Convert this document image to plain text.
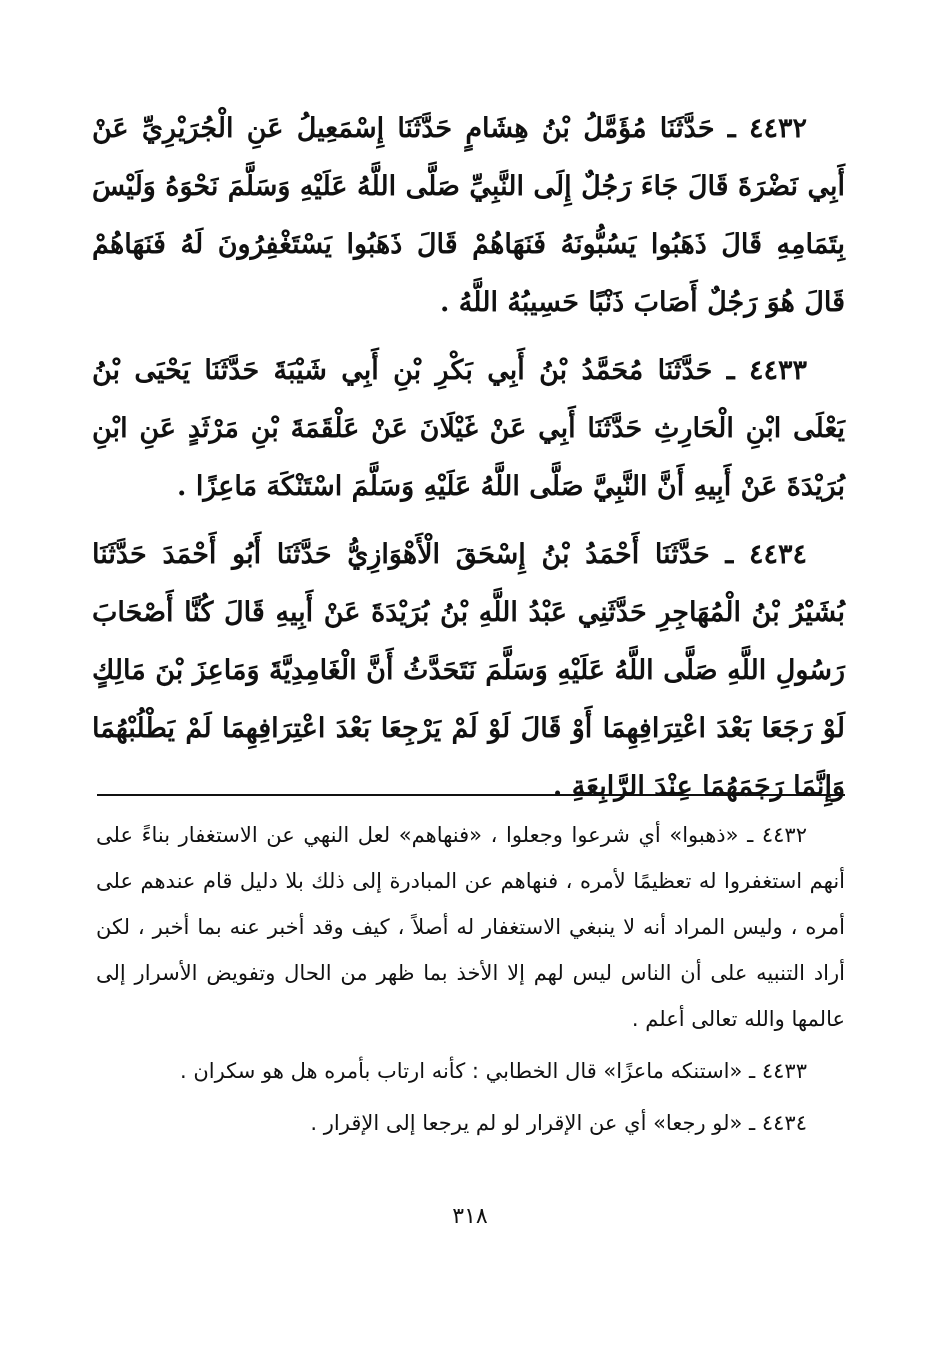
٤٤٣٢ ـ حَدَّثَنَا مُؤَمَّلُ بْنُ هِشَامٍ حَدَّثَنَا إِسْمَعِيلُ عَنِ الْجُرَيْرِيِّ عَنْ أَبِي نَضْرَةَ قَالَ جَاءَ رَجُلٌ إِلَى النَّبِيِّ صَلَّى اللَّهُ عَلَيْهِ وَسَلَّمَ نَحْوَهُ وَلَيْسَ بِتَمَامِهِ قَالَ ذَهَبُوا يَسُبُّونَهُ فَنَهَاهُمْ قَالَ ذَهَبُوا يَسْتَغْفِرُونَ لَهُ فَنَهَاهُمْ قَالَ هُوَ رَجُلٌ أَصَابَ ذَنْبًا حَسِيبُهُ اللَّهُ .

٤٤٣٣ ـ حَدَّثَنَا مُحَمَّدُ بْنُ أَبِي بَكْرِ بْنِ أَبِي شَيْبَةَ حَدَّثَنَا يَحْيَى بْنُ يَعْلَى ابْنِ الْحَارِثِ حَدَّثَنَا أَبِي عَنْ غَيْلَانَ عَنْ عَلْقَمَةَ بْنِ مَرْثَدٍ عَنِ ابْنِ بُرَيْدَةَ عَنْ أَبِيهِ أَنَّ النَّبِيَّ صَلَّى اللَّهُ عَلَيْهِ وَسَلَّمَ اسْتَنْكَهَ مَاعِزًا .

٤٤٣٤ ـ حَدَّثَنَا أَحْمَدُ بْنُ إِسْحَقَ الْأَهْوَازِيُّ حَدَّثَنَا أَبُو أَحْمَدَ حَدَّثَنَا بُشَيْرُ بْنُ الْمُهَاجِرِ حَدَّثَنِي عَبْدُ اللَّهِ بْنُ بُرَيْدَةَ عَنْ أَبِيهِ قَالَ كُنَّا أَصْحَابَ رَسُولِ اللَّهِ صَلَّى اللَّهُ عَلَيْهِ وَسَلَّمَ نَتَحَدَّثُ أَنَّ الْغَامِدِيَّةَ وَمَاعِزَ بْنَ مَالِكٍ لَوْ رَجَعَا بَعْدَ اعْتِرَافِهِمَا أَوْ قَالَ لَوْ لَمْ يَرْجِعَا بَعْدَ اعْتِرَافِهِمَا لَمْ يَطْلُبْهُمَا وَإِنَّمَا رَجَمَهُمَا عِنْدَ الرَّابِعَةِ .

٤٤٣٢ ـ «ذهبوا» أي شرعوا وجعلوا ، «فنهاهم» لعل النهي عن الاستغفار بناءً على أنهم استغفروا له تعظيمًا لأمره ، فنهاهم عن المبادرة إلى ذلك بلا دليل قام عندهم على أمره ، وليس المراد أنه لا ينبغي الاستغفار له أصلاً ، كيف وقد أخبر عنه بما أخبر ، لكن أراد التنبيه على أن الناس ليس لهم إلا الأخذ بما ظهر من الحال وتفويض الأسرار إلى عالمها والله تعالى أعلم .

٤٤٣٣ ـ «استنكه ماعزًا» قال الخطابي : كأنه ارتاب بأمره هل هو سكران .

٤٤٣٤ ـ «لو رجعا» أي عن الإقرار لو لم يرجعا إلى الإقرار .

٣١٨
